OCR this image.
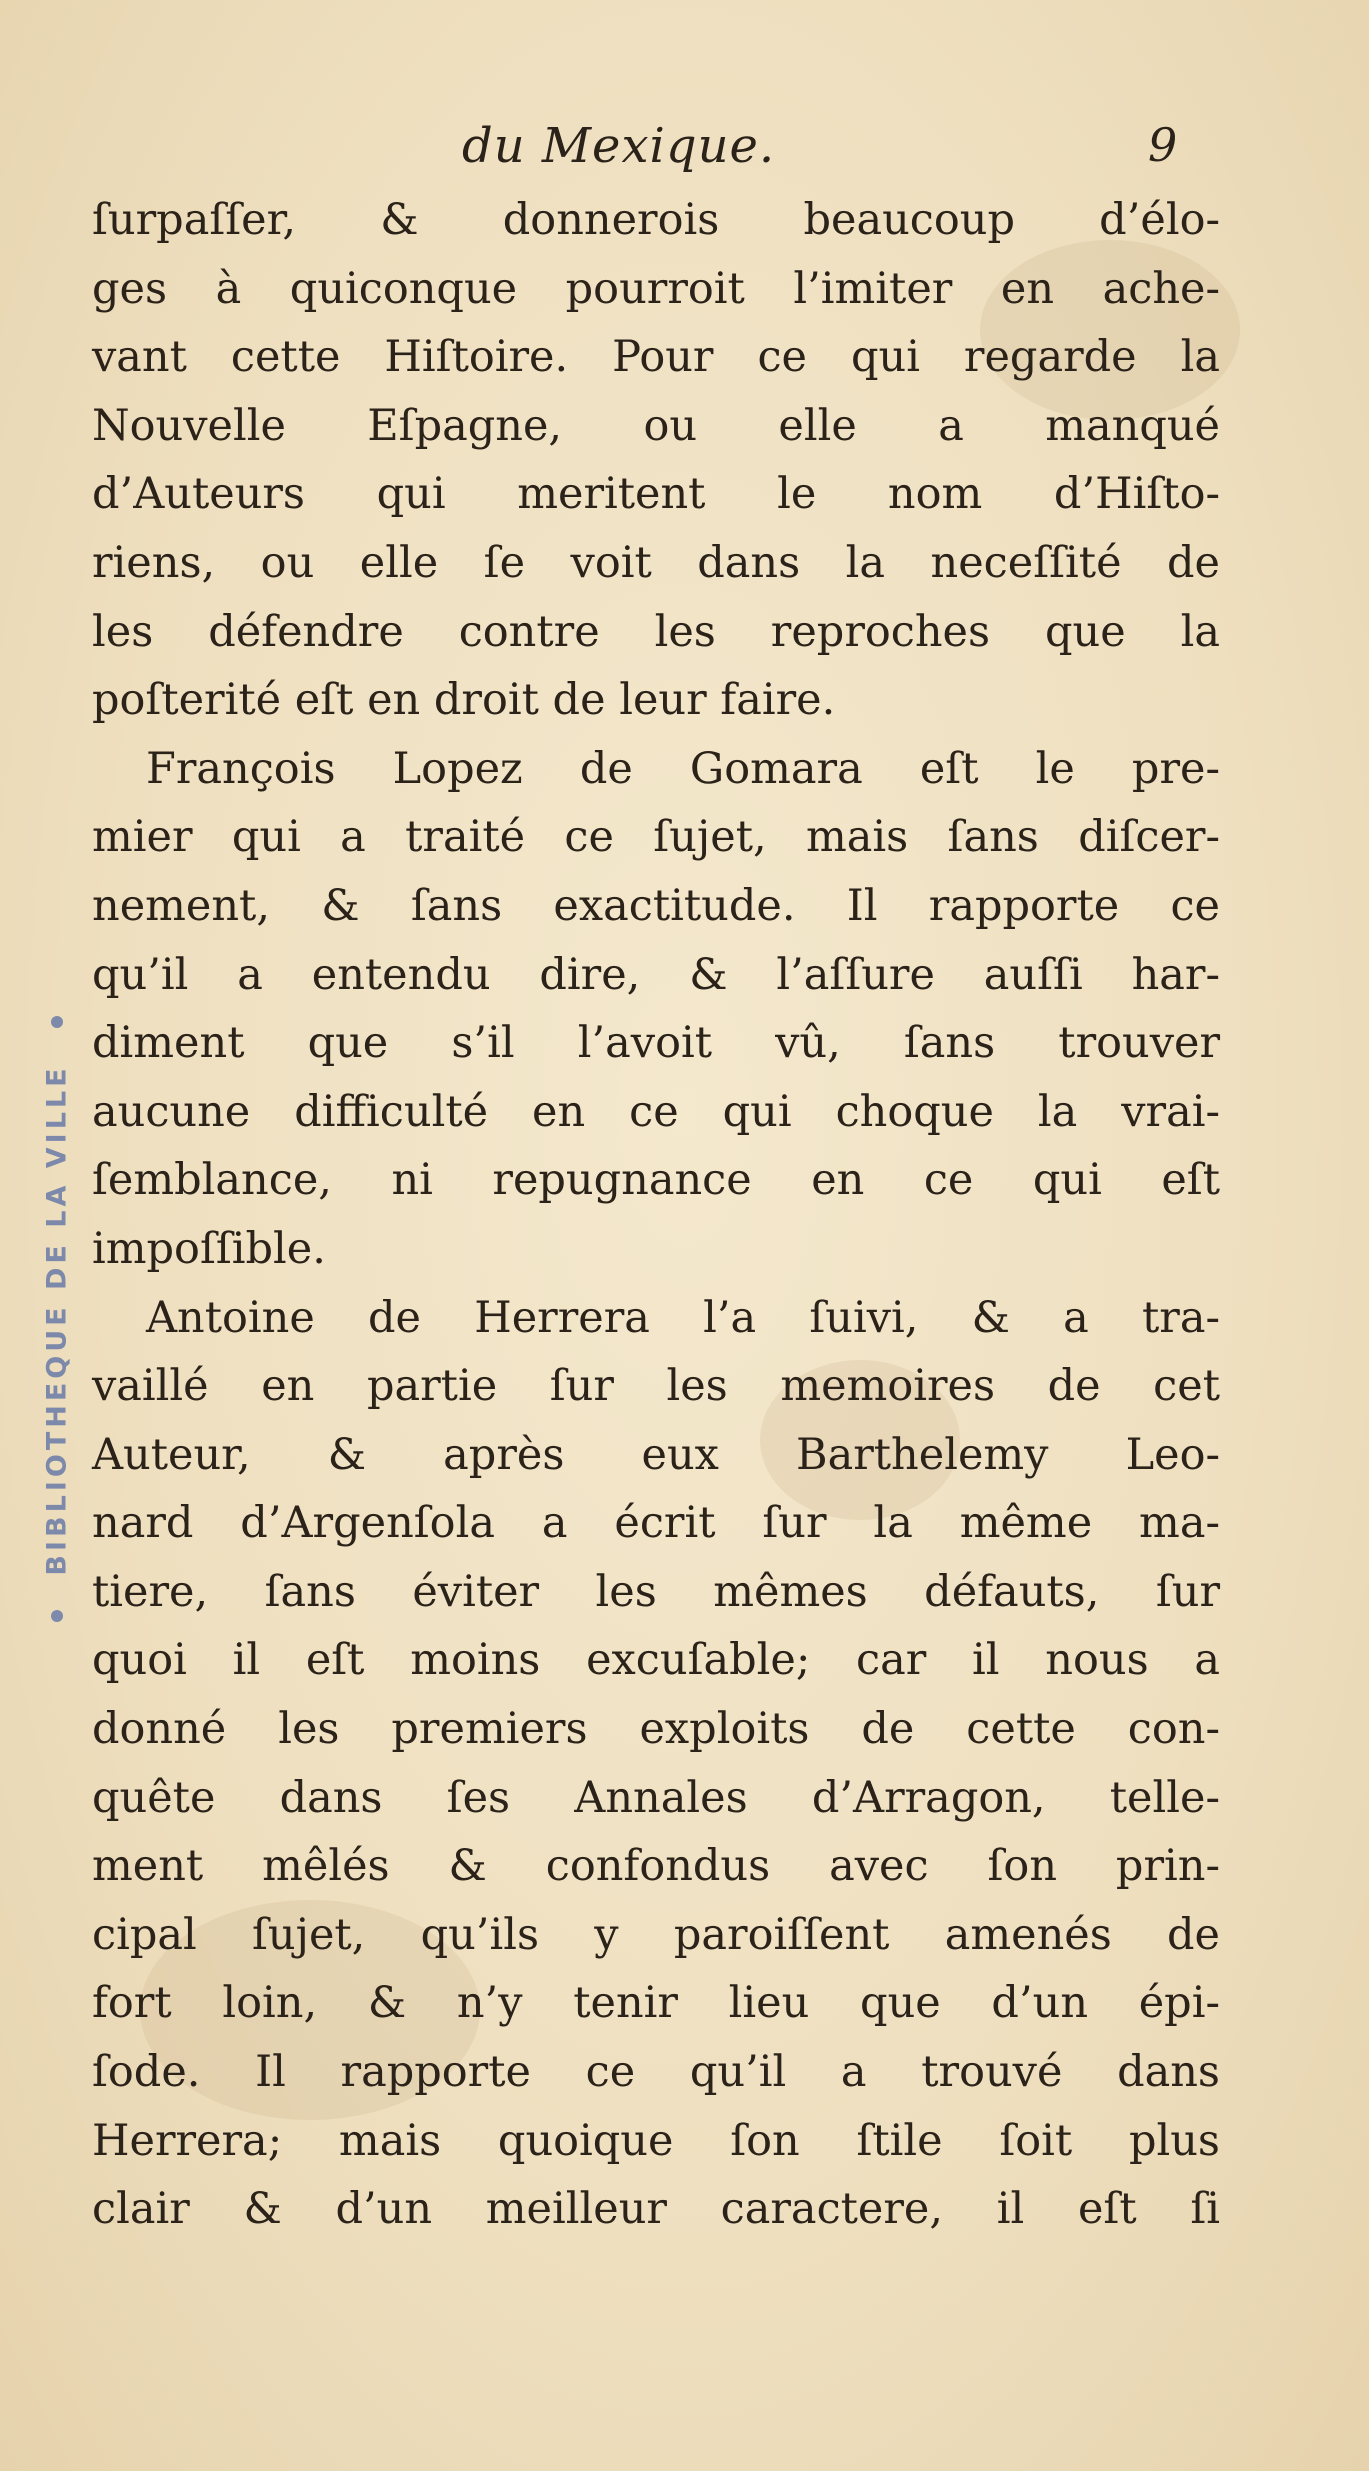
du Mexique.	9
BIBLIOTHEQUE DE LA VILLE
ſurpaſſer, & donnerois beaucoup d’élo-
ges à quiconque pourroit l’imiter en ache-
vant cette Hiſtoire. Pour ce qui regarde la
Nouvelle Eſpagne, ou elle a manqué
d’Auteurs qui meritent le nom d’Hiſto-
riens, ou elle ſe voit dans la neceſſité de
les défendre contre les reproches que la
poſterité eſt en droit de leur faire.
François Lopez de Gomara eſt le pre-
mier qui a traité ce ſujet, mais ſans diſcer-
nement, & ſans exactitude. Il rapporte ce
qu’il a entendu dire, & l’aſſure auſſi har-
diment que s’il l’avoit vû, ſans trouver
aucune difficulté en ce qui choque la vrai-
ſemblance, ni repugnance en ce qui eſt
impoſſible.
Antoine de Herrera l’a ſuivi, & a tra-
vaillé en partie ſur les memoires de cet
Auteur, & après eux Barthelemy Leo-
nard d’Argenſola a écrit ſur la même ma-
tiere, ſans éviter les mêmes défauts, ſur
quoi il eſt moins excuſable; car il nous a
donné les premiers exploits de cette con-
quête dans ſes Annales d’Arragon, telle-
ment mêlés & confondus avec ſon prin-
cipal ſujet, qu’ils y paroiſſent amenés de
fort loin, & n’y tenir lieu que d’un épi-
ſode. Il rapporte ce qu’il a trouvé dans
Herrera; mais quoique ſon ſtile ſoit plus
clair & d’un meilleur caractere, il eſt ſi
